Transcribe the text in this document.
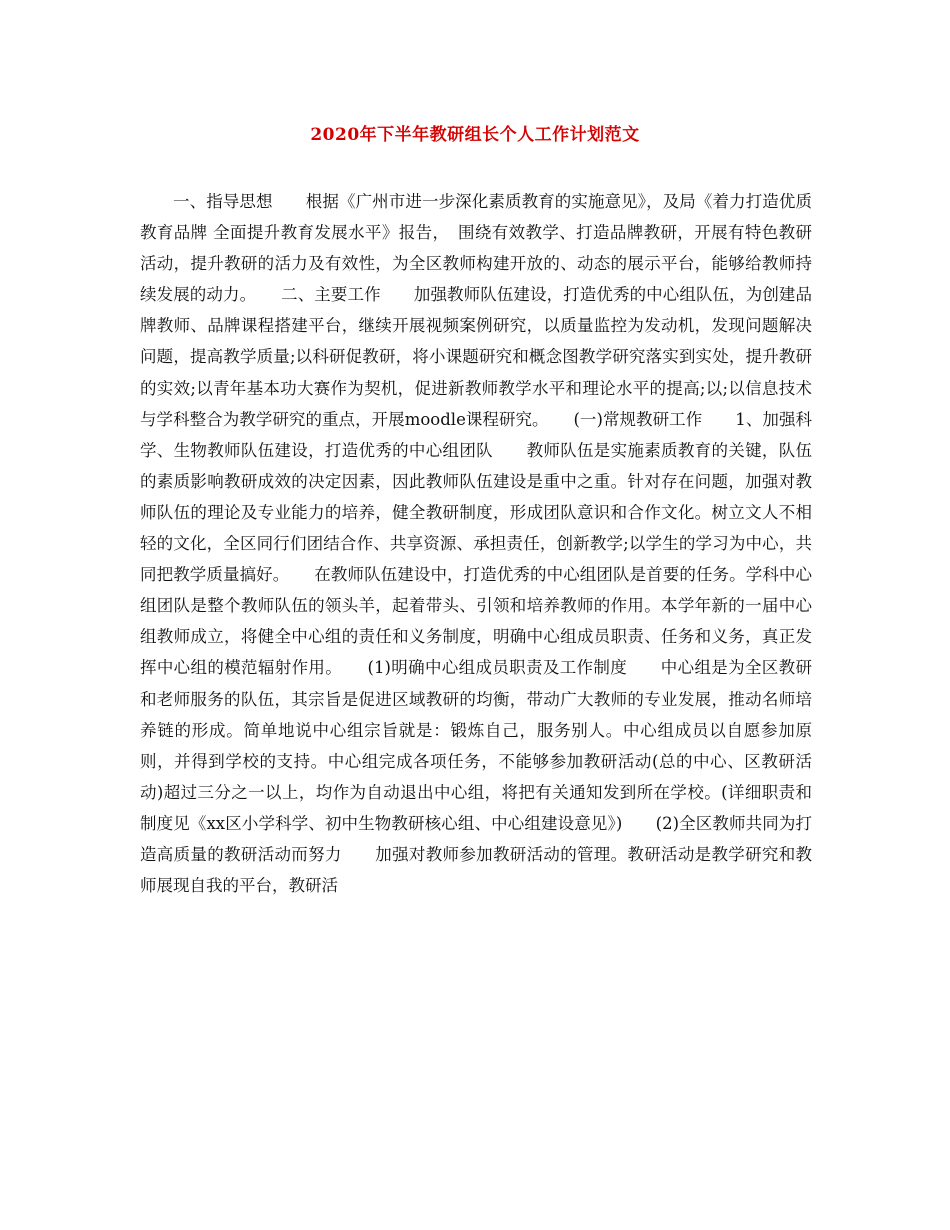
2020年下半年教研组长个人工作计划范文

一、指导思想　　根据《广州市进一步深化素质教育的实施意见》，及局《着力打造优质教育品牌 全面提升教育发展水平》报告，　围绕有效教学、打造品牌教研，开展有特色教研活动，提升教研的活力及有效性，为全区教师构建开放的、动态的展示平台，能够给教师持续发展的动力。　　二、主要工作　　加强教师队伍建设，打造优秀的中心组队伍，为创建品牌教师、品牌课程搭建平台，继续开展视频案例研究，以质量监控为发动机，发现问题解决问题，提高教学质量;以科研促教研，将小课题研究和概念图教学研究落实到实处，提升教研的实效;以青年基本功大赛作为契机，促进新教师教学水平和理论水平的提高;以;以信息技术与学科整合为教学研究的重点，开展moodle课程研究。　　(一)常规教研工作　　1、加强科学、生物教师队伍建设，打造优秀的中心组团队　　教师队伍是实施素质教育的关键，队伍的素质影响教研成效的决定因素，因此教师队伍建设是重中之重。针对存在问题，加强对教师队伍的理论及专业能力的培养，健全教研制度，形成团队意识和合作文化。树立文人不相轻的文化，全区同行们团结合作、共享资源、承担责任，创新教学;以学生的学习为中心，共同把教学质量搞好。　　在教师队伍建设中，打造优秀的中心组团队是首要的任务。学科中心组团队是整个教师队伍的领头羊，起着带头、引领和培养教师的作用。本学年新的一届中心组教师成立，将健全中心组的责任和义务制度，明确中心组成员职责、任务和义务，真正发挥中心组的模范辐射作用。　　(1)明确中心组成员职责及工作制度　　中心组是为全区教研和老师服务的队伍，其宗旨是促进区域教研的均衡，带动广大教师的专业发展，推动名师培养链的形成。简单地说中心组宗旨就是：锻炼自己，服务别人。中心组成员以自愿参加原则，并得到学校的支持。中心组完成各项任务，不能够参加教研活动(总的中心、区教研活动)超过三分之一以上，均作为自动退出中心组，将把有关通知发到所在学校。(详细职责和制度见《xx区小学科学、初中生物教研核心组、中心组建设意见》)　　(2)全区教师共同为打造高质量的教研活动而努力　　加强对教师参加教研活动的管理。教研活动是教学研究和教师展现自我的平台，教研活
